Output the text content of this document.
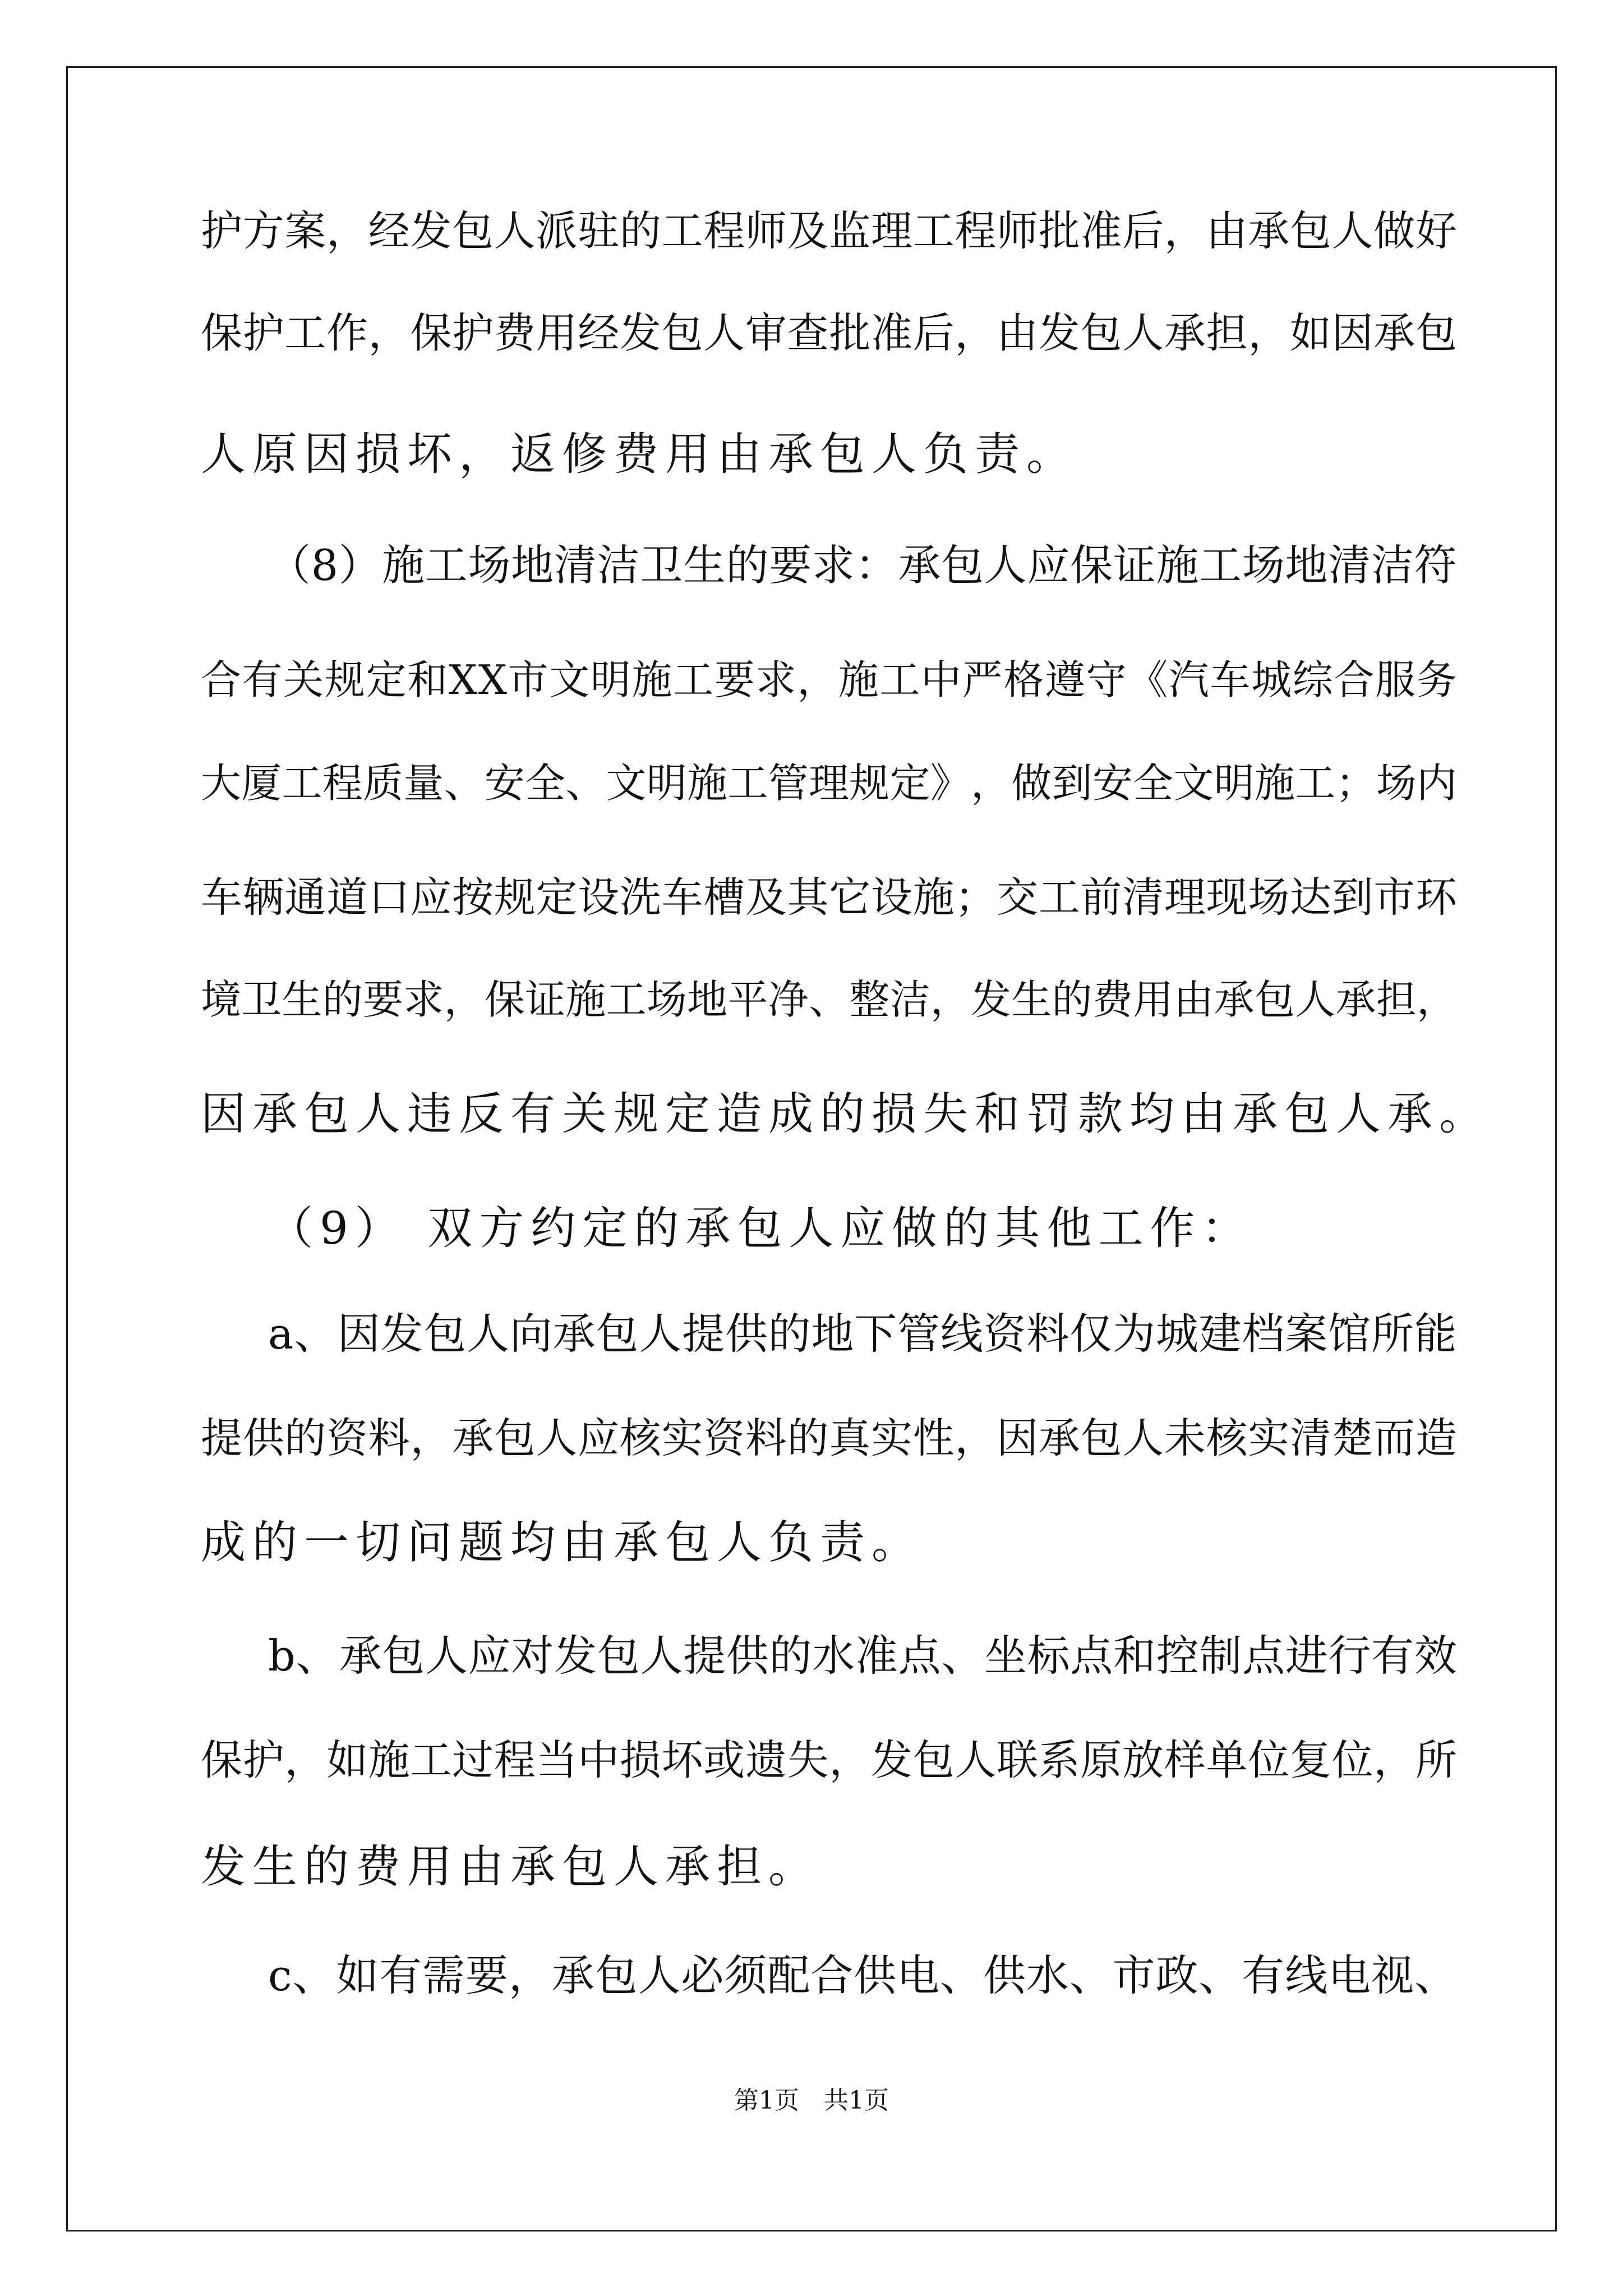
护 方 案 ， 经 发 包 人 派 驻 的 工 程 师 及 监 理 工 程 师 批 准 后 ， 由 承 包 人 做 好
保 护 工 作 ， 保 护 费 用 经 发 包 人 审 查 批 准 后 ， 由 发 包 人 承 担 ， 如 因 承 包
人原因损坏，返修费用由承包人负责。
（ 8 ） 施 工 场 地 清 洁 卫 生 的 要 求 ： 承 包 人 应 保 证 施 工 场 地 清 洁 符
合 有 关 规 定 和 X X 市 文 明 施 工 要 求 ， 施 工 中 严 格 遵 守 《 汽 车 城 综 合 服 务
大 厦 工 程 质 量 、 安 全 、 文 明 施 工 管 理 规 定 》 ， 做 到 安 全 文 明 施 工 ； 场 内
车 辆 通 道 口 应 按 规 定 设 洗 车 槽 及 其 它 设 施 ； 交 工 前 清 理 现 场 达 到 市 环
境 卫 生 的 要 求 ， 保 证 施 工 场 地 平 净 、 整 洁 ， 发 生 的 费 用 由 承 包 人 承 担 ，
因承包人违反有关规定造成的损失和罚款均由承包人承。
（9） 双方约定的承包人应做的其他工作：
a 、 因 发 包 人 向 承 包 人 提 供 的 地 下 管 线 资 料 仅 为 城 建 档 案 馆 所 能
提 供 的 资 料 ， 承 包 人 应 核 实 资 料 的 真 实 性 ， 因 承 包 人 未 核 实 清 楚 而 造
成的一切问题均由承包人负责。
b 、 承 包 人 应 对 发 包 人 提 供 的 水 准 点 、 坐 标 点 和 控 制 点 进 行 有 效
保 护 ， 如 施 工 过 程 当 中 损 坏 或 遗 失 ， 发 包 人 联 系 原 放 样 单 位 复 位 ， 所
发生的费用由承包人承担。
c 、 如 有 需 要 ， 承 包 人 必 须 配 合 供 电 、 供 水 、 市 政 、 有 线 电 视 、
第1页　共1页
